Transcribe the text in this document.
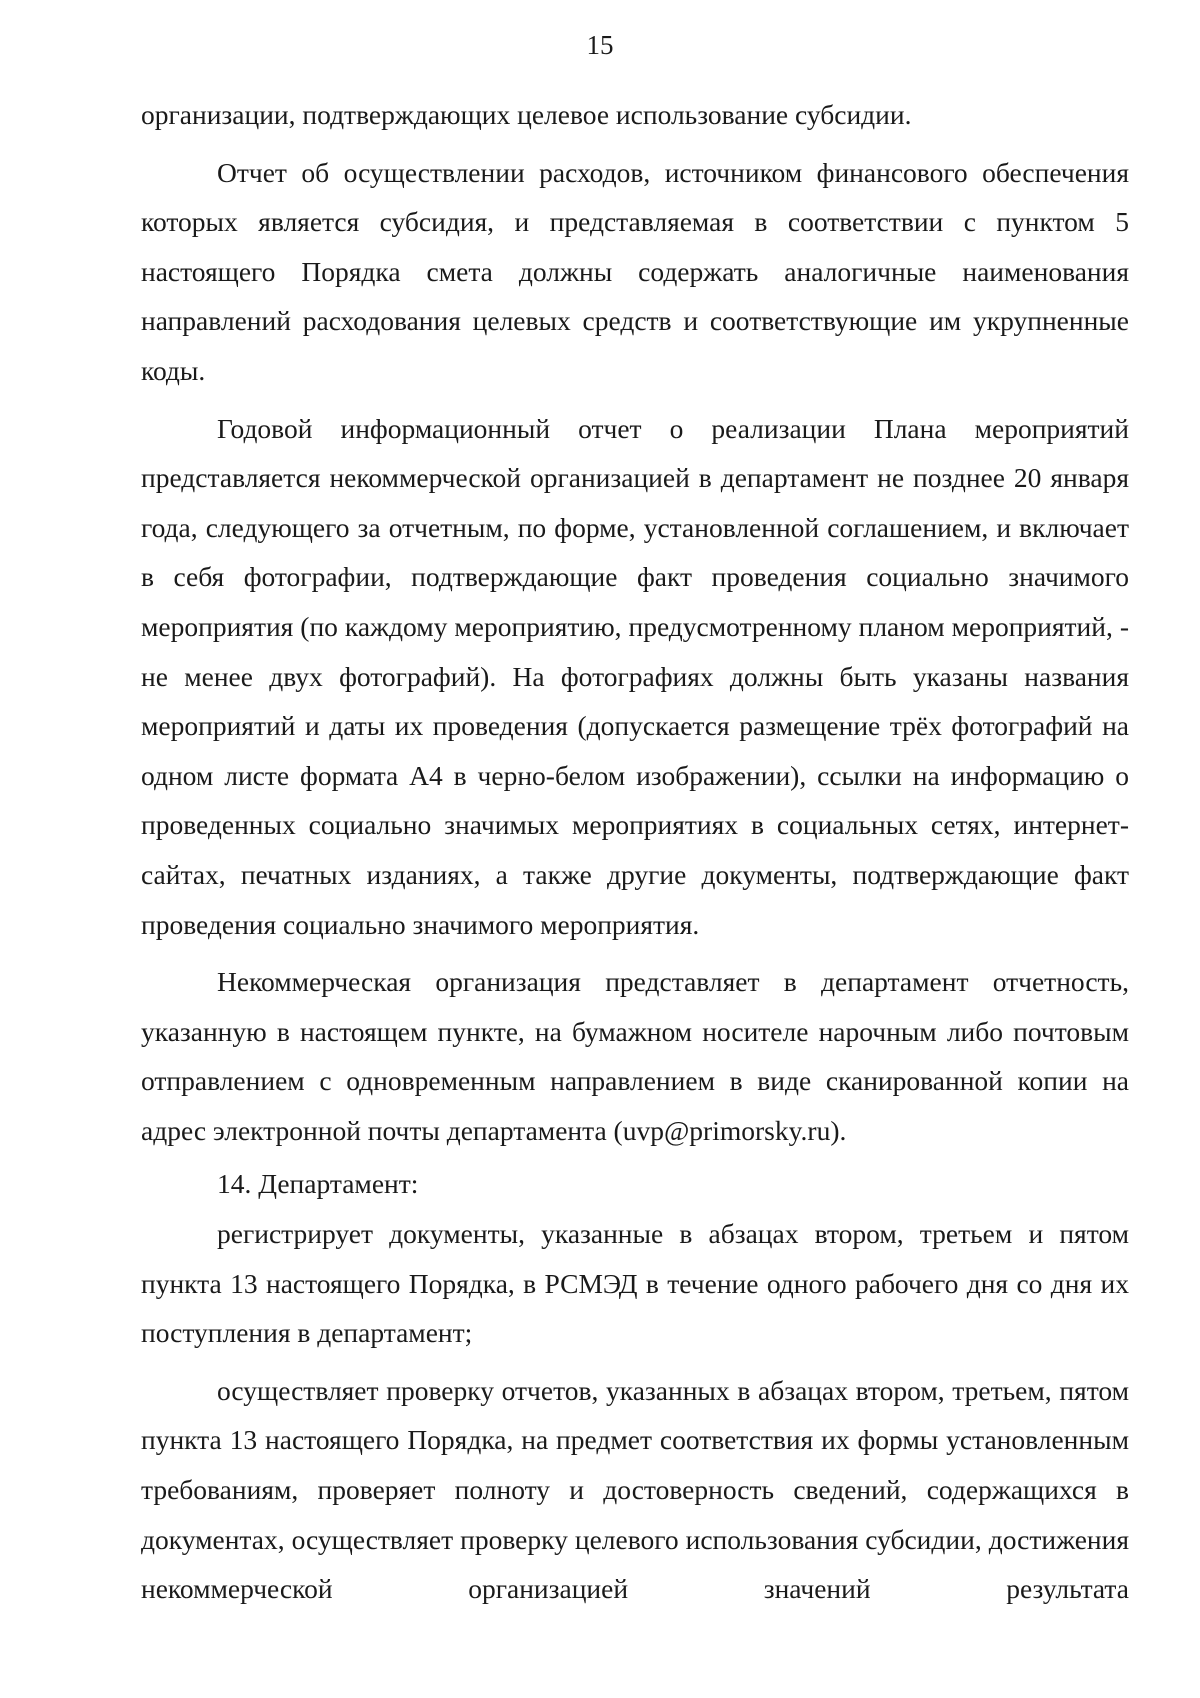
15

организации, подтверждающих целевое использование субсидии.

Отчет об осуществлении расходов, источником финансового обеспечения которых является субсидия, и представляемая в соответствии с пунктом 5 настоящего Порядка смета должны содержать аналогичные наименования направлений расходования целевых средств и соответствующие им укрупненные коды.

Годовой информационный отчет о реализации Плана мероприятий представляется некоммерческой организацией в департамент не позднее 20 января года, следующего за отчетным, по форме, установленной соглашением, и включает в себя фотографии, подтверждающие факт проведения социально значимого мероприятия (по каждому мероприятию, предусмотренному планом мероприятий, - не менее двух фотографий). На фотографиях должны быть указаны названия мероприятий и даты их проведения (допускается размещение трёх фотографий на одном листе формата А4 в черно-белом изображении), ссылки на информацию о проведенных социально значимых мероприятиях в социальных сетях, интернет-сайтах, печатных изданиях, а также другие документы, подтверждающие факт проведения социально значимого мероприятия.

Некоммерческая организация представляет в департамент отчетность, указанную в настоящем пункте, на бумажном носителе нарочным либо почтовым отправлением с одновременным направлением в виде сканированной копии на адрес электронной почты департамента (uvp@primorsky.ru).

14. Департамент:

регистрирует документы, указанные в абзацах втором, третьем и пятом пункта 13 настоящего Порядка, в РСМЭД в течение одного рабочего дня со дня их поступления в департамент;

осуществляет проверку отчетов, указанных в абзацах втором, третьем, пятом пункта 13 настоящего Порядка, на предмет соответствия их формы установленным требованиям, проверяет полноту и достоверность сведений, содержащихся в документах, осуществляет проверку целевого использования субсидии, достижения некоммерческой организацией значений результата
